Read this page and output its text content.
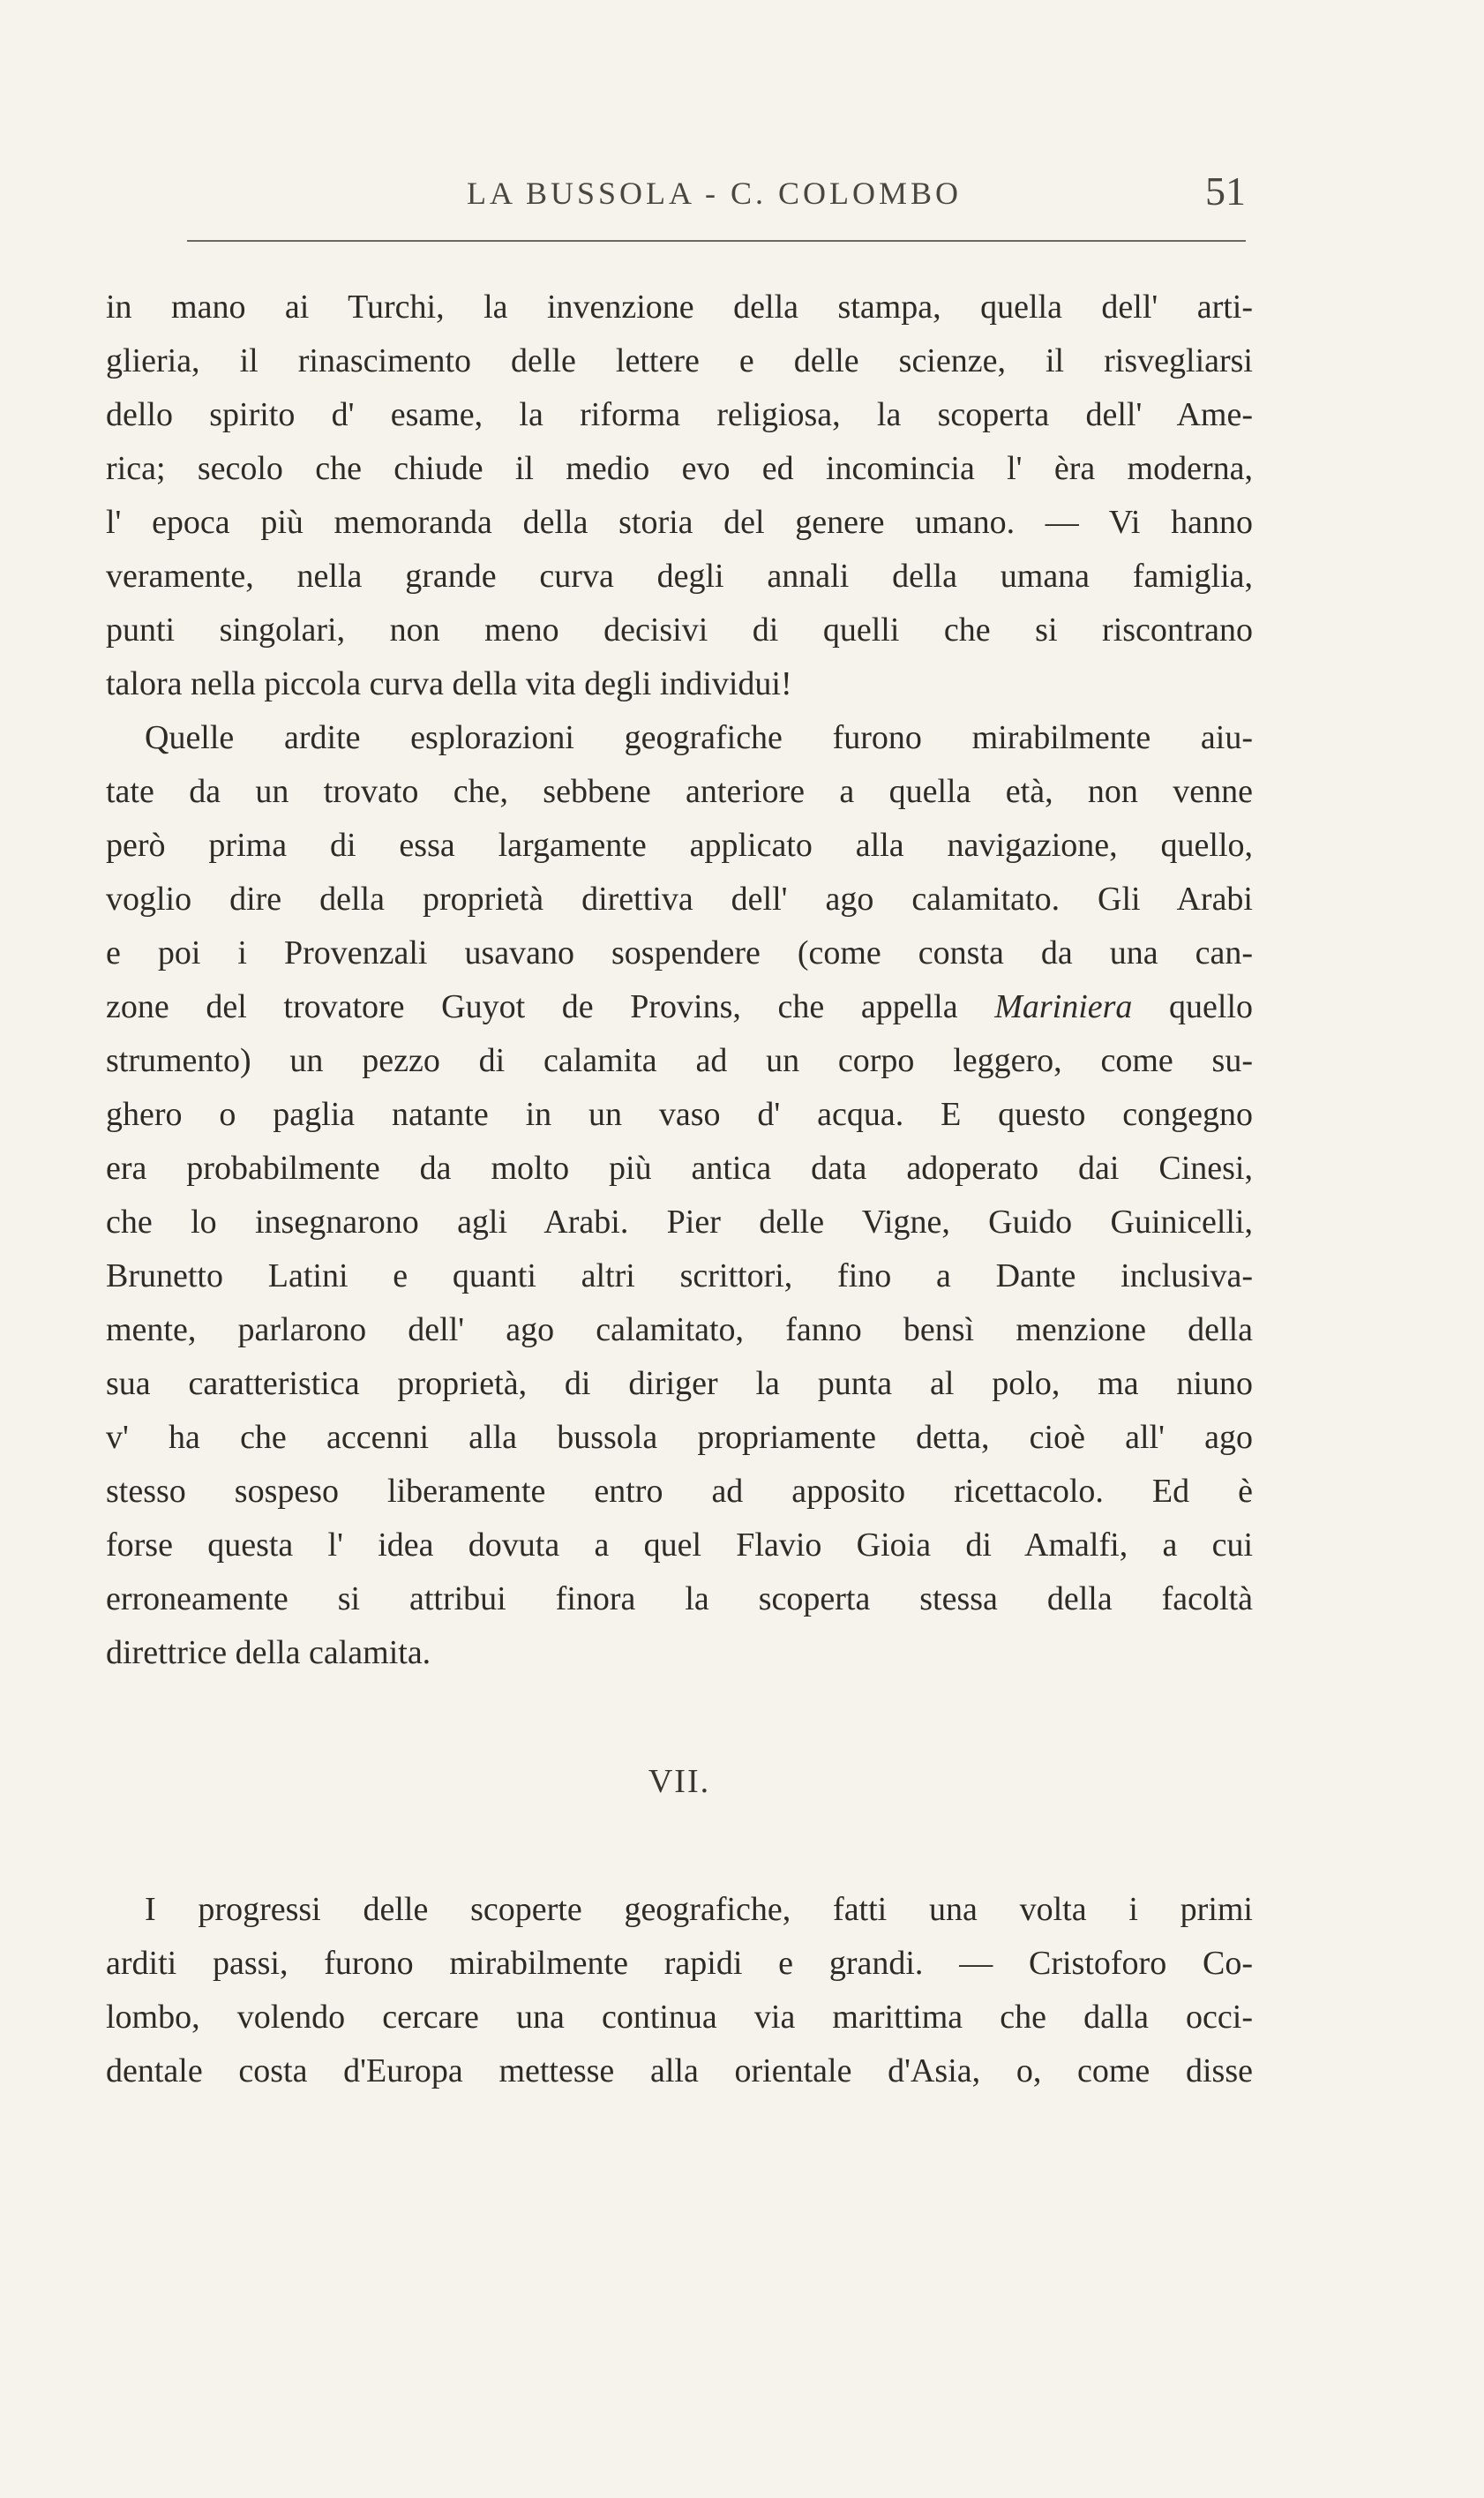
LA BUSSOLA - C. COLOMBO	51
in mano ai Turchi, la invenzione della stampa, quella dell' arti-
glieria, il rinascimento delle lettere e delle scienze, il risvegliarsi
dello spirito d' esame, la riforma religiosa, la scoperta dell' Ame-
rica; secolo che chiude il medio evo ed incomincia l' èra moderna,
l' epoca più memoranda della storia del genere umano. — Vi hanno
veramente, nella grande curva degli annali della umana famiglia,
punti singolari, non meno decisivi di quelli che si riscontrano
talora nella piccola curva della vita degli individui!
Quelle ardite esplorazioni geografiche furono mirabilmente aiu-
tate da un trovato che, sebbene anteriore a quella età, non venne
però prima di essa largamente applicato alla navigazione, quello,
voglio dire della proprietà direttiva dell' ago calamitato. Gli Arabi
e poi i Provenzali usavano sospendere (come consta da una can-
zone del trovatore Guyot de Provins, che appella Mariniera quello
strumento) un pezzo di calamita ad un corpo leggero, come su-
ghero o paglia natante in un vaso d' acqua. E questo congegno
era probabilmente da molto più antica data adoperato dai Cinesi,
che lo insegnarono agli Arabi. Pier delle Vigne, Guido Guinicelli,
Brunetto Latini e quanti altri scrittori, fino a Dante inclusiva-
mente, parlarono dell' ago calamitato, fanno bensì menzione della
sua caratteristica proprietà, di diriger la punta al polo, ma niuno
v' ha che accenni alla bussola propriamente detta, cioè all' ago
stesso sospeso liberamente entro ad apposito ricettacolo. Ed è
forse questa l' idea dovuta a quel Flavio Gioia di Amalfi, a cui
erroneamente si attribui finora la scoperta stessa della facoltà
direttrice della calamita.
VII.
I progressi delle scoperte geografiche, fatti una volta i primi
arditi passi, furono mirabilmente rapidi e grandi. — Cristoforo Co-
lombo, volendo cercare una continua via marittima che dalla occi-
dentale costa d'Europa mettesse alla orientale d'Asia, o, come disse
